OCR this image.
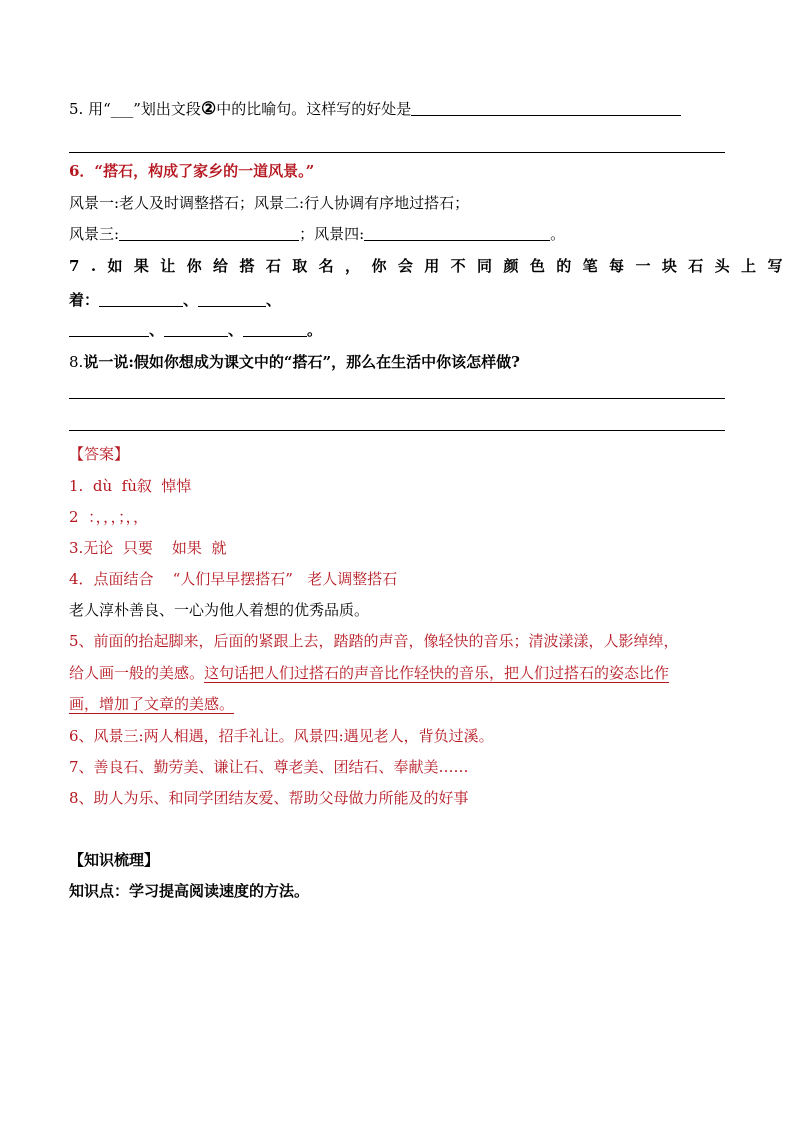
5. 用“___”划出文段②中的比喻句。这样写的好处是
6．“搭石，构成了家乡的一道风景。”
风景一:老人及时调整搭石；风景二:行人协调有序地过搭石；
风景三:	；风景四:	。
7.如果让你给搭石取名，你会用不同颜色的笔每一块石头上写
着：	、	、
、	、	。
8.说一说:假如你想成为课文中的“搭石”，那么在生活中你该怎样做?
【答案】
1.  dù  fù叙  悼悼
2  ：，，，；，，
3.无论  只要    如果  就
4．点面结合    “人们早早摆搭石”   老人调整搭石
老人淳朴善良、一心为他人着想的优秀品质。
5、前面的抬起脚来，后面的紧跟上去，踏踏的声音，像轻快的音乐；清波漾漾，人影绰绰，
给人画一般的美感。这句话把人们过搭石的声音比作轻快的音乐，把人们过搭石的姿态比作
画，增加了文章的美感。
6、风景三:两人相遇，招手礼让。风景四:遇见老人，背负过溪。
7、善良石、勤劳美、谦让石、尊老美、团结石、奉献美……
8、助人为乐、和同学团结友爱、帮助父母做力所能及的好事
【知识梳理】
知识点：学习提高阅读速度的方法。
